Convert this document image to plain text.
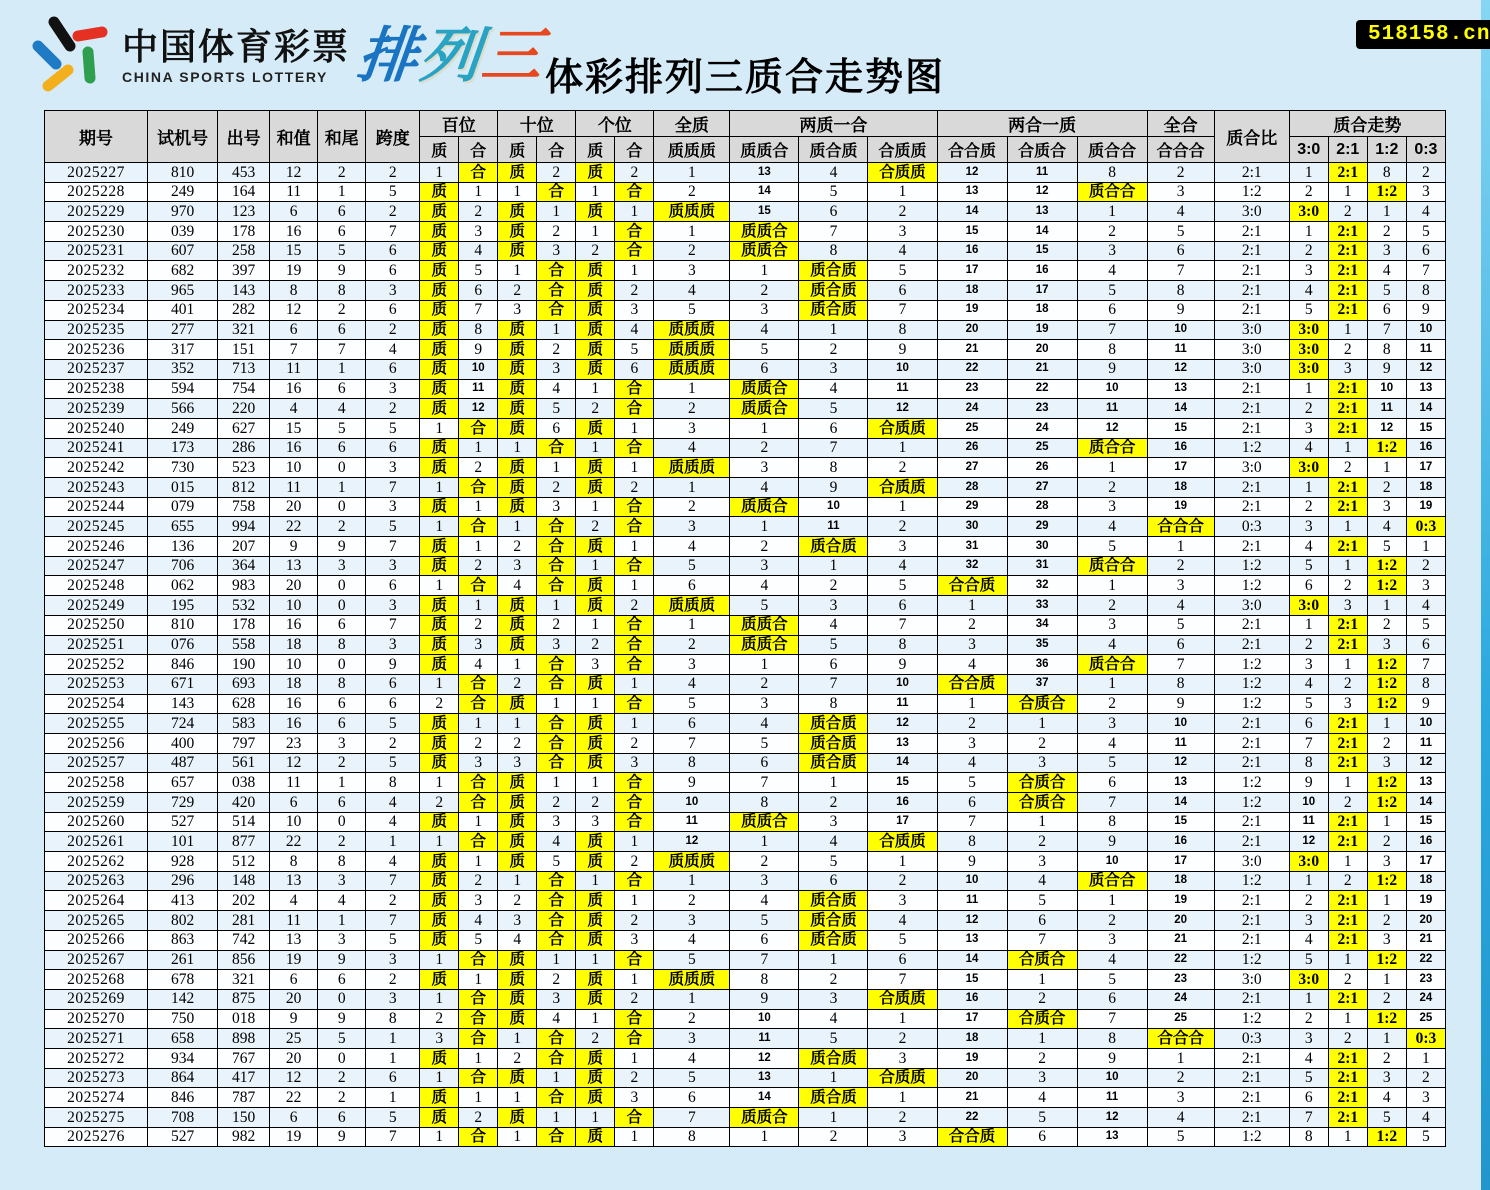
中国体育彩票
CHINA SPORTS LOTTERY 排列三
体彩排列三质合走势图
518158.cn
期号	试机号	出号	和值	和尾	跨度	百位		十位		个位		全质	两质一合			两合一质			全合	质合比	质合走势			
						质	合	质	合	质	合	质质质	质质合	质合质	合质质	合合质	合质合	质合合	合合合		3:0	2:1	1:2	0:3
2025227	810	453	12	2	2	1	合	质	2	质	2	1	13	4	合质质	12	11	8	2	2:1	1	2:1	8	2
2025228	249	164	11	1	5	质	1	1	合	1	合	2	14	5	1	13	12	质合合	3	1:2	2	1	1:2	3
2025229	970	123	6	6	2	质	2	质	1	质	1	质质质	15	6	2	14	13	1	4	3:0	3:0	2	1	4
2025230	039	178	16	6	7	质	3	质	2	1	合	1	质质合	7	3	15	14	2	5	2:1	1	2:1	2	5
2025231	607	258	15	5	6	质	4	质	3	2	合	2	质质合	8	4	16	15	3	6	2:1	2	2:1	3	6
2025232	682	397	19	9	6	质	5	1	合	质	1	3	1	质合质	5	17	16	4	7	2:1	3	2:1	4	7
2025233	965	143	8	8	3	质	6	2	合	质	2	4	2	质合质	6	18	17	5	8	2:1	4	2:1	5	8
2025234	401	282	12	2	6	质	7	3	合	质	3	5	3	质合质	7	19	18	6	9	2:1	5	2:1	6	9
2025235	277	321	6	6	2	质	8	质	1	质	4	质质质	4	1	8	20	19	7	10	3:0	3:0	1	7	10
2025236	317	151	7	7	4	质	9	质	2	质	5	质质质	5	2	9	21	20	8	11	3:0	3:0	2	8	11
2025237	352	713	11	1	6	质	10	质	3	质	6	质质质	6	3	10	22	21	9	12	3:0	3:0	3	9	12
2025238	594	754	16	6	3	质	11	质	4	1	合	1	质质合	4	11	23	22	10	13	2:1	1	2:1	10	13
2025239	566	220	4	4	2	质	12	质	5	2	合	2	质质合	5	12	24	23	11	14	2:1	2	2:1	11	14
2025240	249	627	15	5	5	1	合	质	6	质	1	3	1	6	合质质	25	24	12	15	2:1	3	2:1	12	15
2025241	173	286	16	6	6	质	1	1	合	1	合	4	2	7	1	26	25	质合合	16	1:2	4	1	1:2	16
2025242	730	523	10	0	3	质	2	质	1	质	1	质质质	3	8	2	27	26	1	17	3:0	3:0	2	1	17
2025243	015	812	11	1	7	1	合	质	2	质	2	1	4	9	合质质	28	27	2	18	2:1	1	2:1	2	18
2025244	079	758	20	0	3	质	1	质	3	1	合	2	质质合	10	1	29	28	3	19	2:1	2	2:1	3	19
2025245	655	994	22	2	5	1	合	1	合	2	合	3	1	11	2	30	29	4	合合合	0:3	3	1	4	0:3
2025246	136	207	9	9	7	质	1	2	合	质	1	4	2	质合质	3	31	30	5	1	2:1	4	2:1	5	1
2025247	706	364	13	3	3	质	2	3	合	1	合	5	3	1	4	32	31	质合合	2	1:2	5	1	1:2	2
2025248	062	983	20	0	6	1	合	4	合	质	1	6	4	2	5	合合质	32	1	3	1:2	6	2	1:2	3
2025249	195	532	10	0	3	质	1	质	1	质	2	质质质	5	3	6	1	33	2	4	3:0	3:0	3	1	4
2025250	810	178	16	6	7	质	2	质	2	1	合	1	质质合	4	7	2	34	3	5	2:1	1	2:1	2	5
2025251	076	558	18	8	3	质	3	质	3	2	合	2	质质合	5	8	3	35	4	6	2:1	2	2:1	3	6
2025252	846	190	10	0	9	质	4	1	合	3	合	3	1	6	9	4	36	质合合	7	1:2	3	1	1:2	7
2025253	671	693	18	8	6	1	合	2	合	质	1	4	2	7	10	合合质	37	1	8	1:2	4	2	1:2	8
2025254	143	628	16	6	6	2	合	质	1	1	合	5	3	8	11	1	合质合	2	9	1:2	5	3	1:2	9
2025255	724	583	16	6	5	质	1	1	合	质	1	6	4	质合质	12	2	1	3	10	2:1	6	2:1	1	10
2025256	400	797	23	3	2	质	2	2	合	质	2	7	5	质合质	13	3	2	4	11	2:1	7	2:1	2	11
2025257	487	561	12	2	5	质	3	3	合	质	3	8	6	质合质	14	4	3	5	12	2:1	8	2:1	3	12
2025258	657	038	11	1	8	1	合	质	1	1	合	9	7	1	15	5	合质合	6	13	1:2	9	1	1:2	13
2025259	729	420	6	6	4	2	合	质	2	2	合	10	8	2	16	6	合质合	7	14	1:2	10	2	1:2	14
2025260	527	514	10	0	4	质	1	质	3	3	合	11	质质合	3	17	7	1	8	15	2:1	11	2:1	1	15
2025261	101	877	22	2	1	1	合	质	4	质	1	12	1	4	合质质	8	2	9	16	2:1	12	2:1	2	16
2025262	928	512	8	8	4	质	1	质	5	质	2	质质质	2	5	1	9	3	10	17	3:0	3:0	1	3	17
2025263	296	148	13	3	7	质	2	1	合	1	合	1	3	6	2	10	4	质合合	18	1:2	1	2	1:2	18
2025264	413	202	4	4	2	质	3	2	合	质	1	2	4	质合质	3	11	5	1	19	2:1	2	2:1	1	19
2025265	802	281	11	1	7	质	4	3	合	质	2	3	5	质合质	4	12	6	2	20	2:1	3	2:1	2	20
2025266	863	742	13	3	5	质	5	4	合	质	3	4	6	质合质	5	13	7	3	21	2:1	4	2:1	3	21
2025267	261	856	19	9	3	1	合	质	1	1	合	5	7	1	6	14	合质合	4	22	1:2	5	1	1:2	22
2025268	678	321	6	6	2	质	1	质	2	质	1	质质质	8	2	7	15	1	5	23	3:0	3:0	2	1	23
2025269	142	875	20	0	3	1	合	质	3	质	2	1	9	3	合质质	16	2	6	24	2:1	1	2:1	2	24
2025270	750	018	9	9	8	2	合	质	4	1	合	2	10	4	1	17	合质合	7	25	1:2	2	1	1:2	25
2025271	658	898	25	5	1	3	合	1	合	2	合	3	11	5	2	18	1	8	合合合	0:3	3	2	1	0:3
2025272	934	767	20	0	1	质	1	2	合	质	1	4	12	质合质	3	19	2	9	1	2:1	4	2:1	2	1
2025273	864	417	12	2	6	1	合	质	1	质	2	5	13	1	合质质	20	3	10	2	2:1	5	2:1	3	2
2025274	846	787	22	2	1	质	1	1	合	质	3	6	14	质合质	1	21	4	11	3	2:1	6	2:1	4	3
2025275	708	150	6	6	5	质	2	质	1	1	合	7	质质合	1	2	22	5	12	4	2:1	7	2:1	5	4
2025276	527	982	19	9	7	1	合	1	合	质	1	8	1	2	3	合合质	6	13	5	1:2	8	1	1:2	5
